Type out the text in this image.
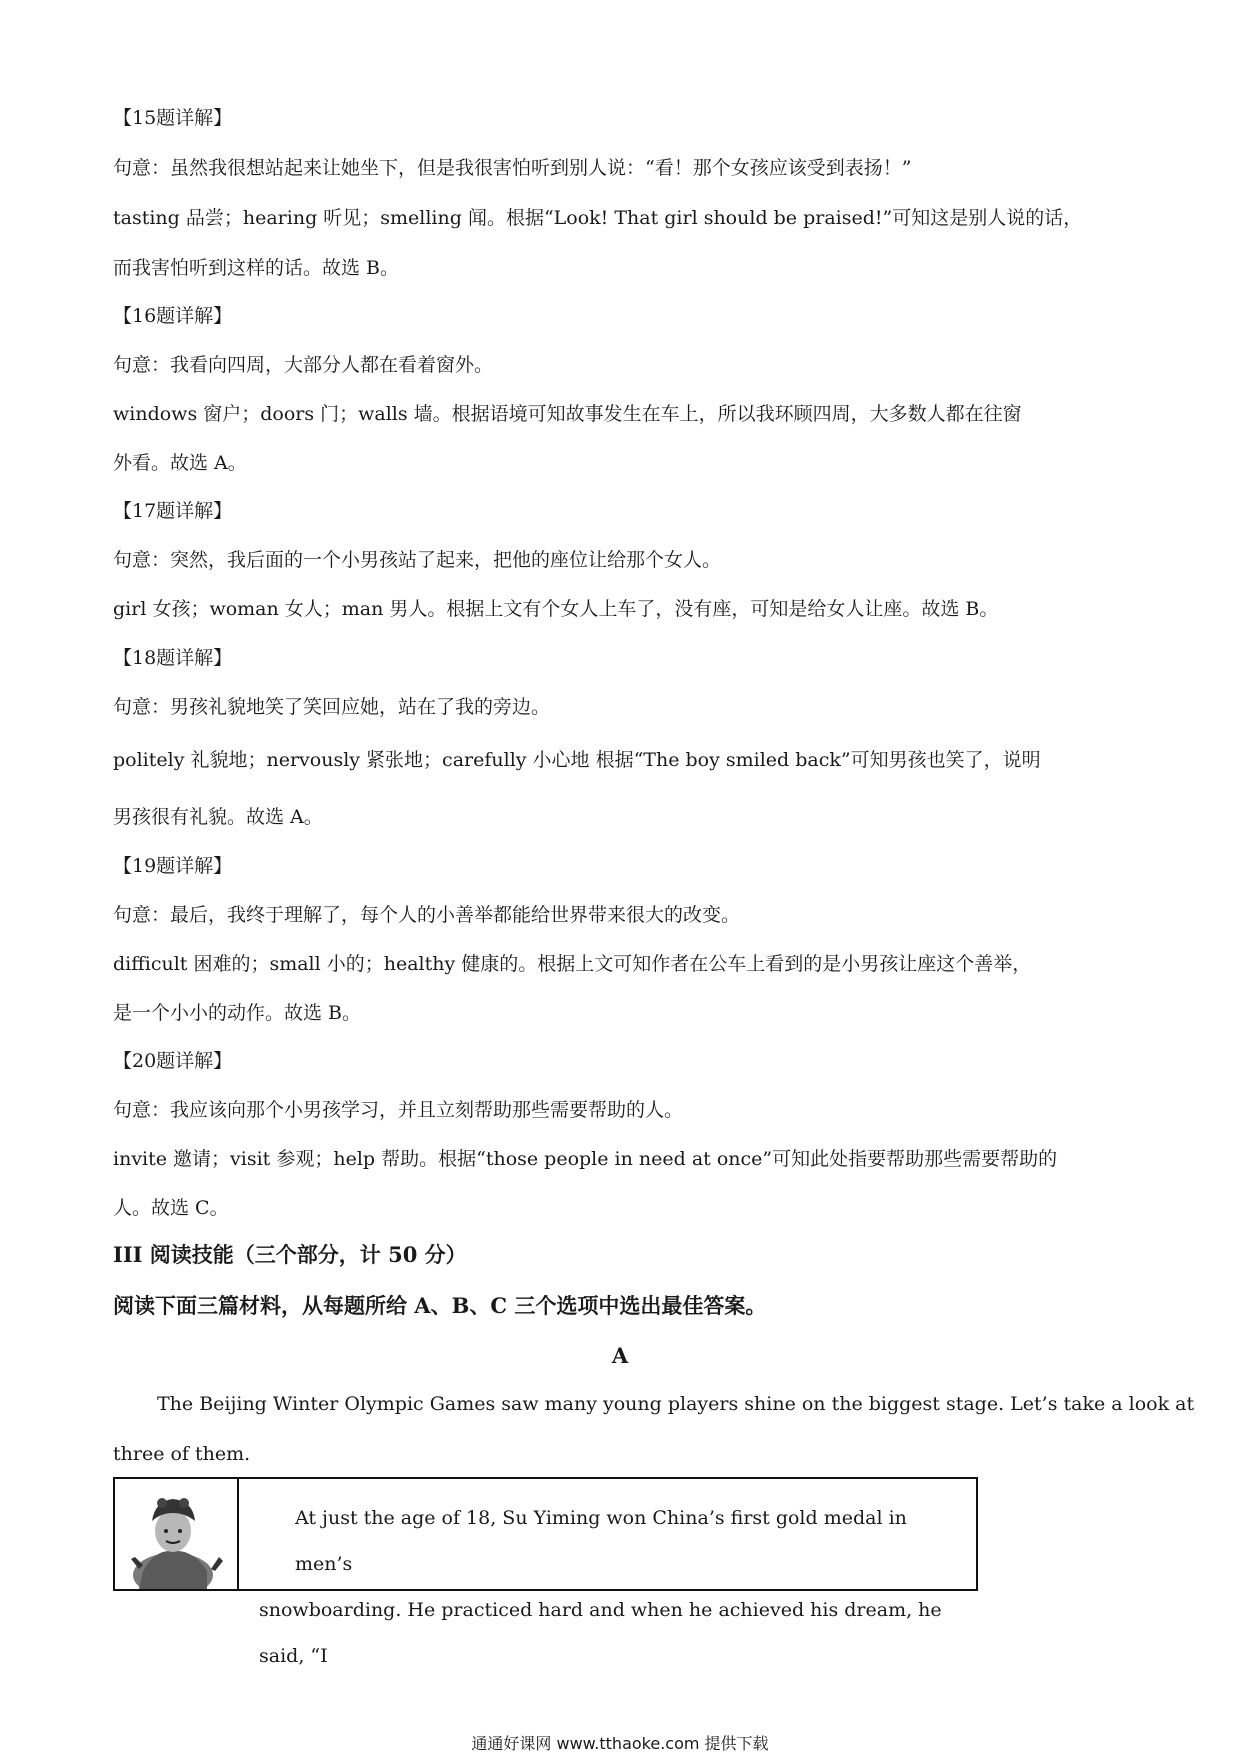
【15题详解】
句意：虽然我很想站起来让她坐下，但是我很害怕听到别人说：“看！那个女孩应该受到表扬！”
tasting 品尝；hearing 听见；smelling 闻。根据“Look! That girl should be praised!”可知这是别人说的话，
而我害怕听到这样的话。故选 B。
【16题详解】
句意：我看向四周，大部分人都在看着窗外。
windows 窗户；doors 门；walls 墙。根据语境可知故事发生在车上，所以我环顾四周，大多数人都在往窗
外看。故选 A。
【17题详解】
句意：突然，我后面的一个小男孩站了起来，把他的座位让给那个女人。
girl 女孩；woman 女人；man 男人。根据上文有个女人上车了，没有座，可知是给女人让座。故选 B。
【18题详解】
句意：男孩礼貌地笑了笑回应她，站在了我的旁边。
politely 礼貌地；nervously 紧张地；carefully 小心地 根据“The boy smiled back”可知男孩也笑了，说明
男孩很有礼貌。故选 A。
【19题详解】
句意：最后，我终于理解了，每个人的小善举都能给世界带来很大的改变。
difficult 困难的；small 小的；healthy 健康的。根据上文可知作者在公车上看到的是小男孩让座这个善举，
是一个小小的动作。故选 B。
【20题详解】
句意：我应该向那个小男孩学习，并且立刻帮助那些需要帮助的人。
invite 邀请；visit 参观；help 帮助。根据“those people in need at once”可知此处指要帮助那些需要帮助的
人。故选 C。
III 阅读技能（三个部分，计 50 分）
阅读下面三篇材料，从每题所给 A、B、C 三个选项中选出最佳答案。
A
The Beijing Winter Olympic Games saw many young players shine on the biggest stage. Let’s take a look at
three of them.
At just the age of 18, Su Yiming won China’s first gold medal in men’s
snowboarding. He practiced hard and when he achieved his dream, he said, “I
通通好课网 www.tthaoke.com 提供下载
